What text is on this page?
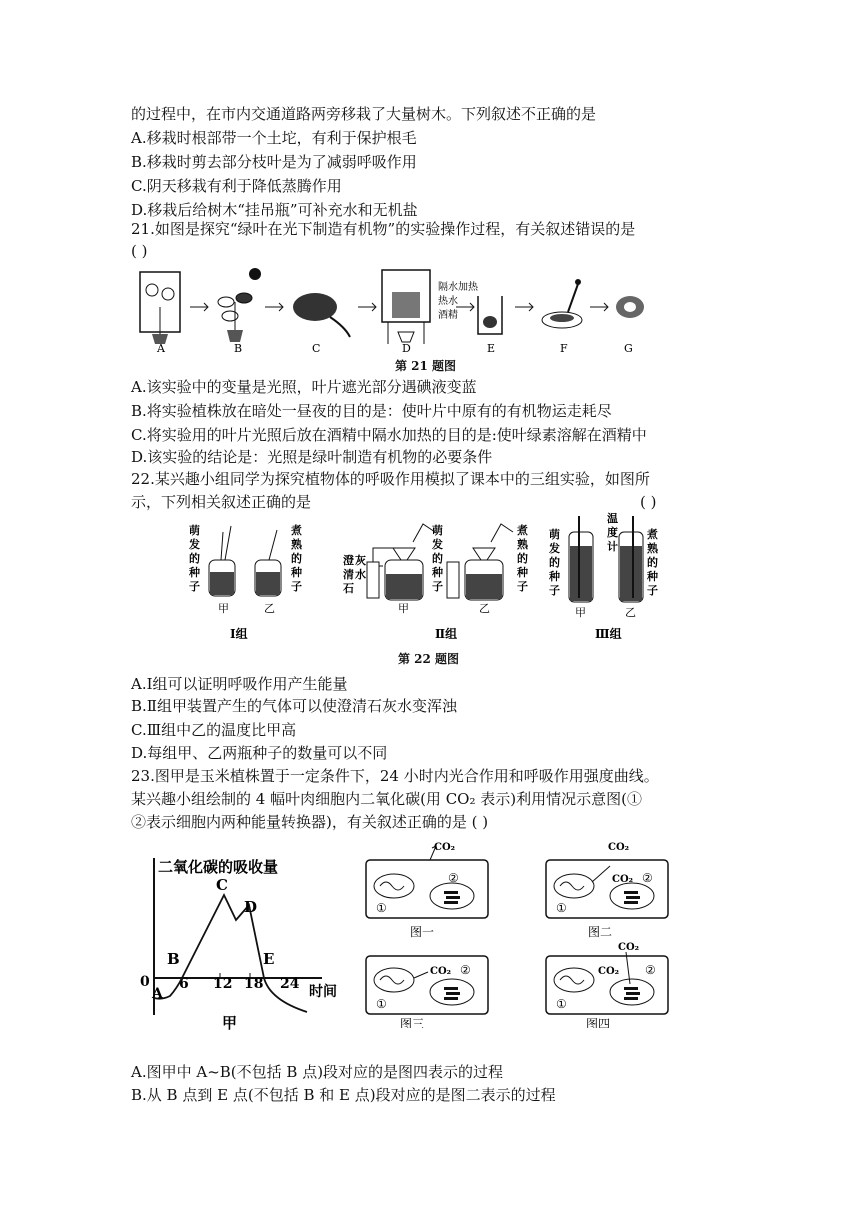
的过程中，在市内交通道路两旁移栽了大量树木。下列叙述不正确的是
A.移栽时根部带一个土坨，有利于保护根毛
B.移栽时剪去部分枝叶是为了减弱呼吸作用
C.阴天移栽有利于降低蒸腾作用
D.移栽后给树木“挂吊瓶”可补充水和无机盐
21.如图是探究“绿叶在光下制造有机物”的实验操作过程，有关叙述错误的是
( )
隔水加热
热水
酒精
A	B	C	D	E	F	G
第 21 题图
A.该实验中的变量是光照，叶片遮光部分遇碘液变蓝
B.将实验植株放在暗处一昼夜的目的是：使叶片中原有的有机物运走耗尽
C.将实验用的叶片光照后放在酒精中隔水加热的目的是:使叶绿素溶解在酒精中
D.该实验的结论是：光照是绿叶制造有机物的必要条件
22.某兴趣小组同学为探究植物体的呼吸作用模拟了课本中的三组实验，如图所
示，下列相关叙述正确的是	( )
萌
发
的
种
子
煮
熟
的
种
子
甲	乙
Ⅰ组
澄
清
石
灰
水
萌
发
的
种
子
煮
熟
的
种
子
甲	乙
Ⅱ组
萌
发
的
种
子
温
度
计
煮
熟
的
种
子
甲	乙
Ⅲ组
第 22 题图
A.Ⅰ组可以证明呼吸作用产生能量
B.Ⅱ组甲装置产生的气体可以使澄清石灰水变浑浊
C.Ⅲ组中乙的温度比甲高
D.每组甲、乙两瓶种子的数量可以不同
23.图甲是玉米植株置于一定条件下，24 小时内光合作用和呼吸作用强度曲线。
某兴趣小组绘制的 4 幅叶肉细胞内二氧化碳(用 CO₂ 表示)利用情况示意图(①
②表示细胞内两种能量转换器)，有关叙述正确的是 ( )
二氧化碳的吸收量
时间
0 6 12 18 24
A
B
C
D
E
甲
②
①
CO₂
图一
CO₂ ②
①
CO₂
图二
CO₂ ②
①
图三
CO₂ ②
①
CO₂
图四
A.图甲中 A~B(不包括 B 点)段对应的是图四表示的过程
B.从 B 点到 E 点(不包括 B 和 E 点)段对应的是图二表示的过程
